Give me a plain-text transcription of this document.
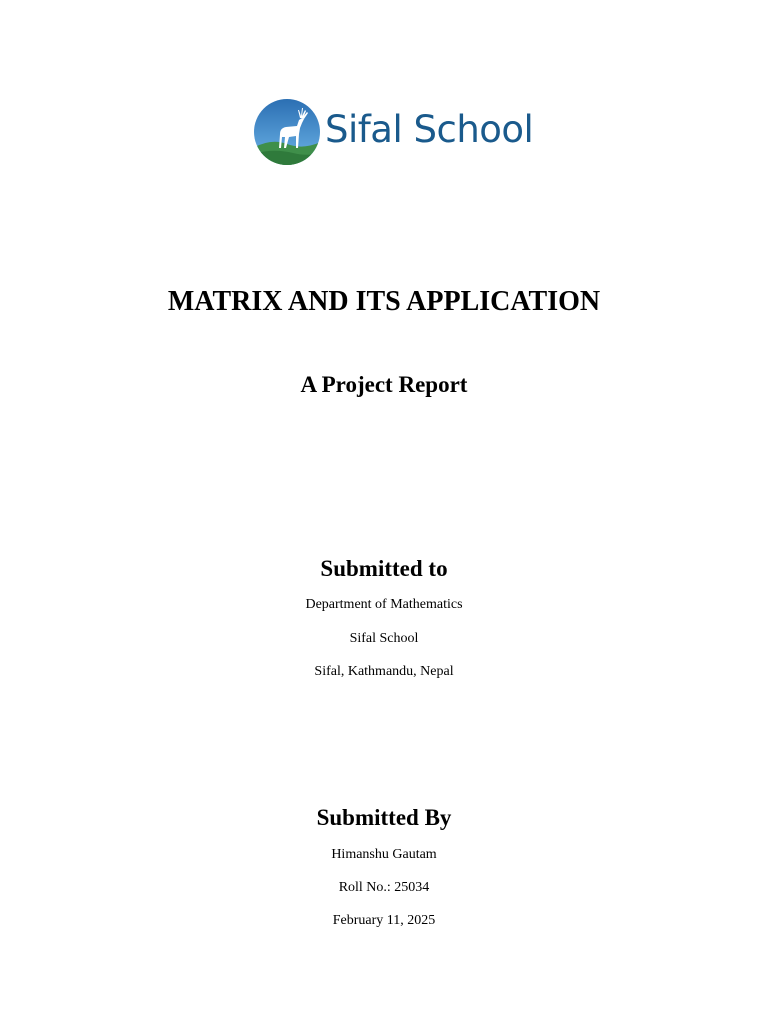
Sifal School
MATRIX AND ITS APPLICATION
A Project Report
Submitted to

Department of Mathematics

Sifal School

Sifal, Kathmandu, Nepal

Submitted By

Himanshu Gautam

Roll No.: 25034

February 11, 2025
